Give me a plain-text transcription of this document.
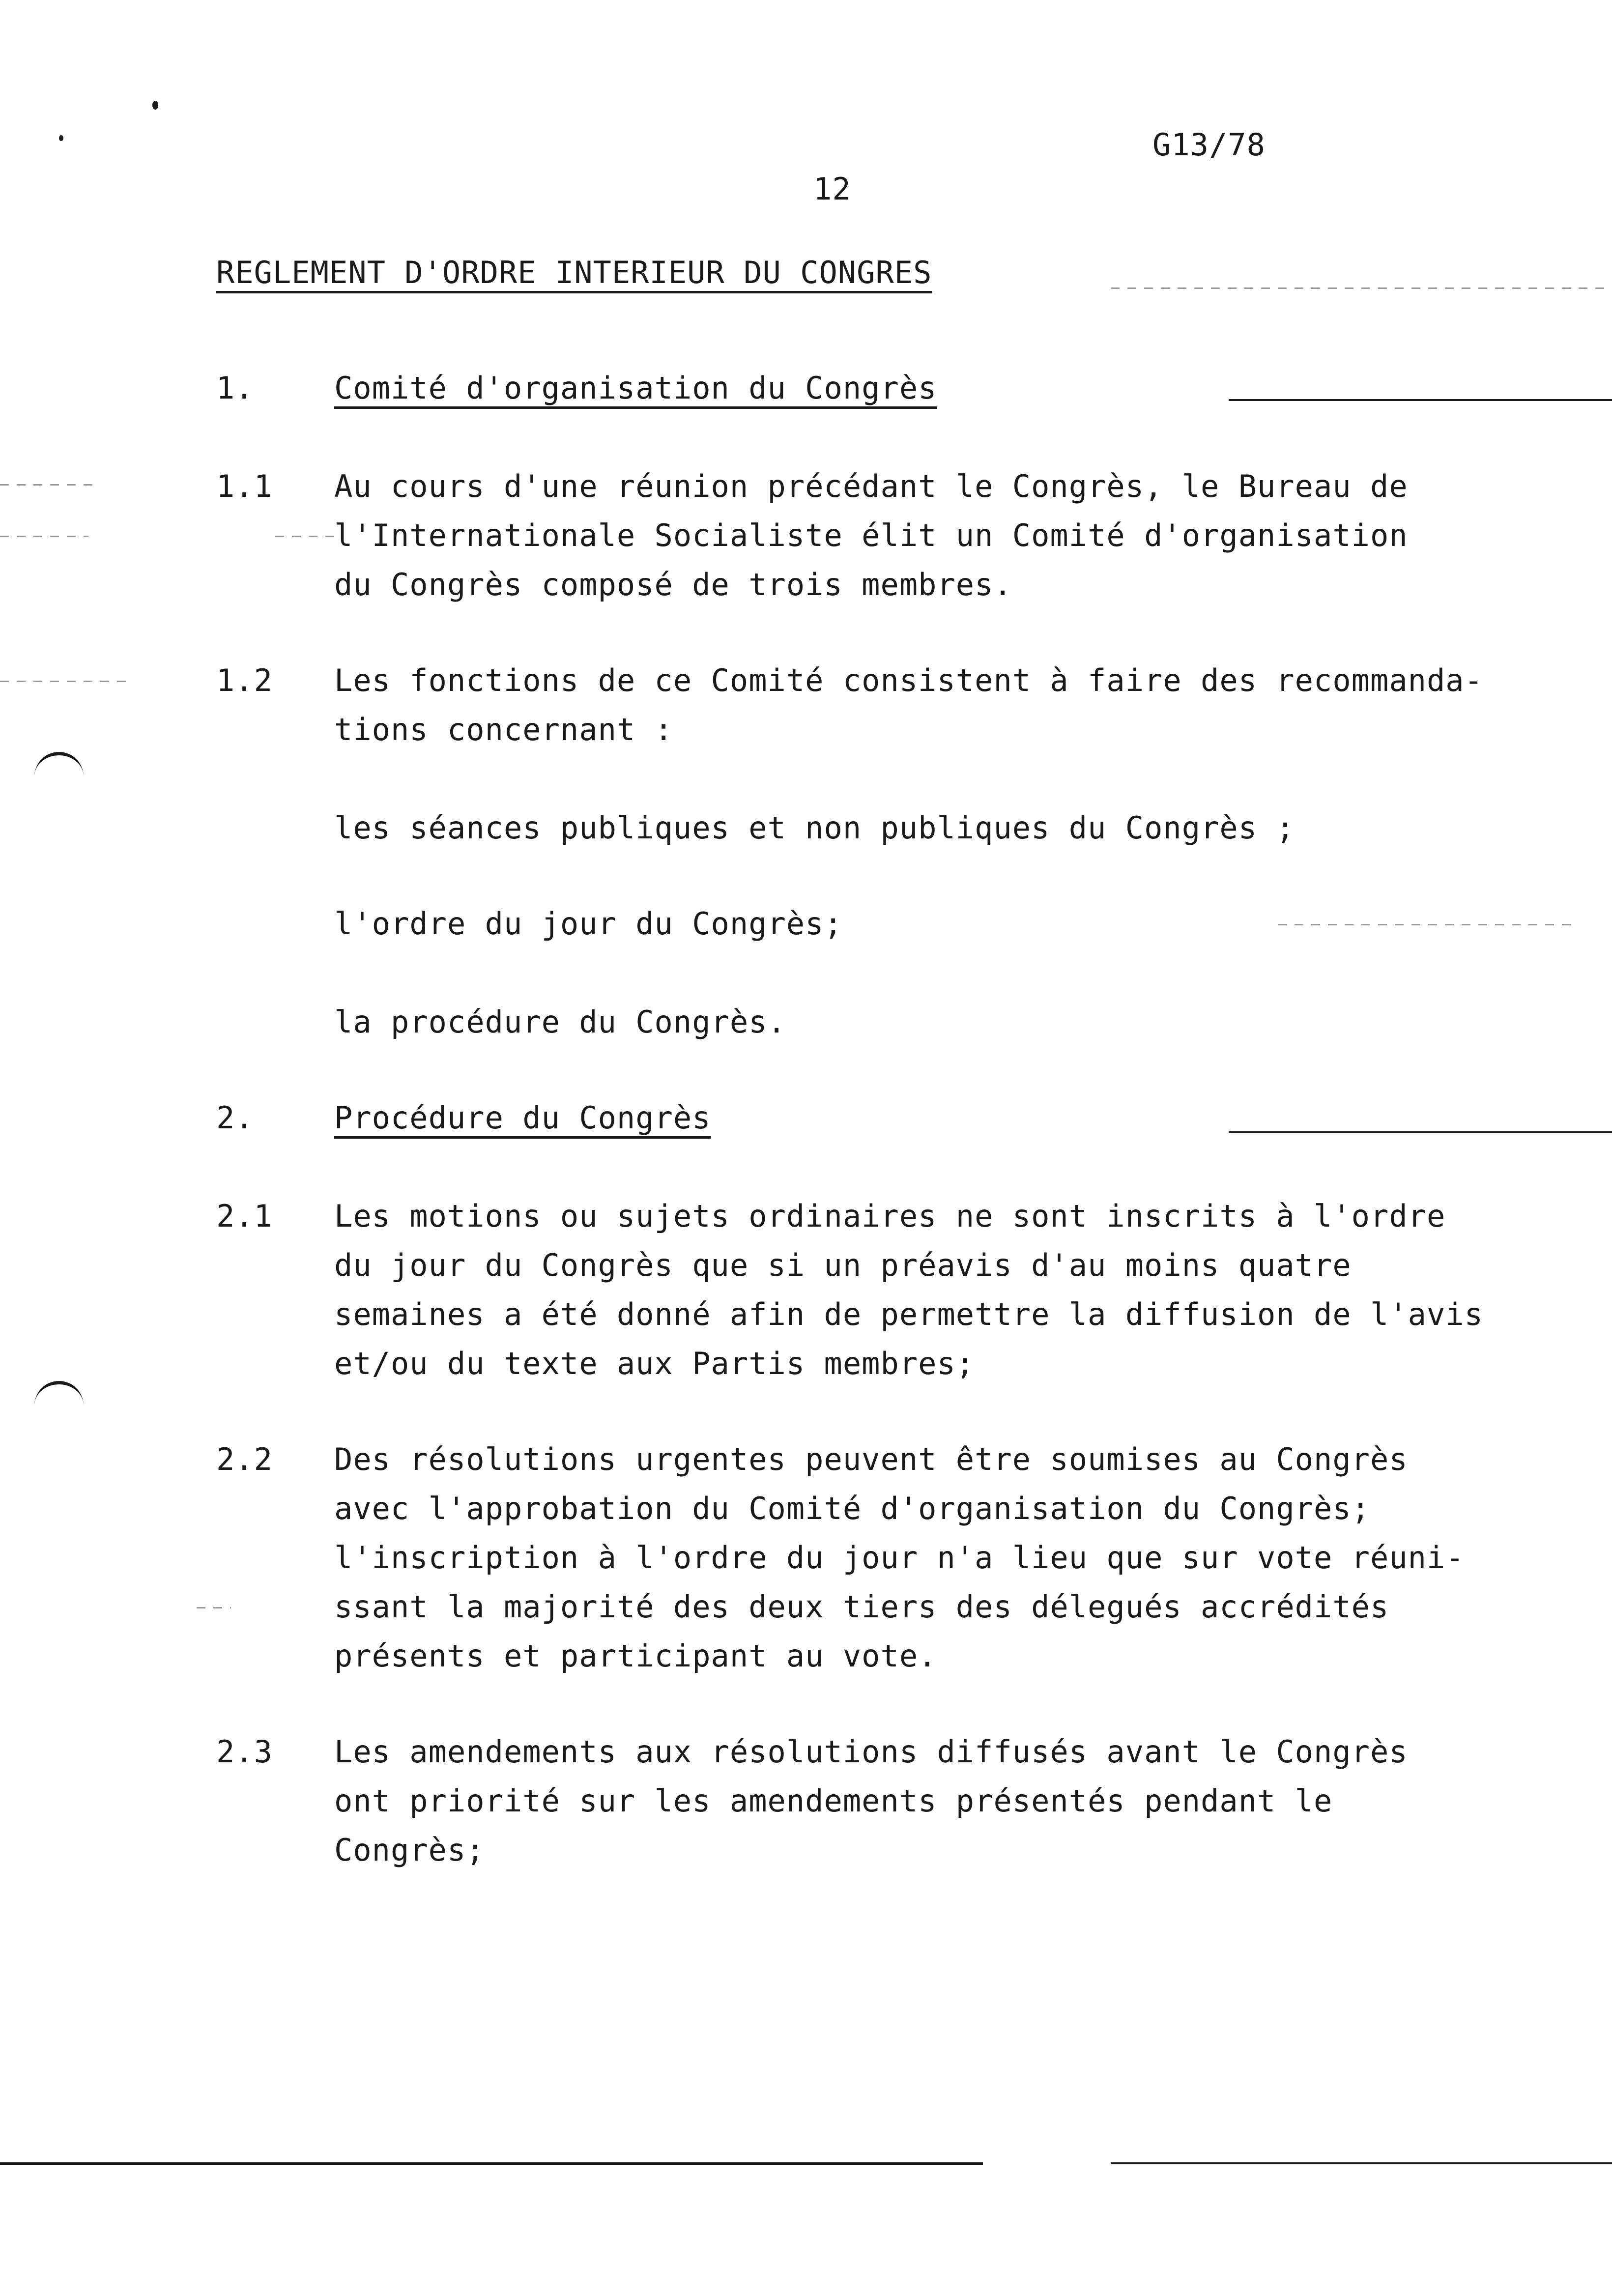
G13/78
12
REGLEMENT D'ORDRE INTERIEUR DU CONGRES
1.	Comité d'organisation du Congrès
1.1 Au cours d'une réunion précédant le Congrès, le Bureau de
l'Internationale Socialiste élit un Comité d'organisation
du Congrès composé de trois membres.
1.2 Les fonctions de ce Comité consistent à faire des recommanda-
tions concernant :
les séances publiques et non publiques du Congrès ;
l'ordre du jour du Congrès;
la procédure du Congrès.
2.	Procédure du Congrès
2.1 Les motions ou sujets ordinaires ne sont inscrits à l'ordre
du jour du Congrès que si un préavis d'au moins quatre
semaines a été donné afin de permettre la diffusion de l'avis
et/ou du texte aux Partis membres;
2.2 Des résolutions urgentes peuvent être soumises au Congrès
avec l'approbation du Comité d'organisation du Congrès;
l'inscription à l'ordre du jour n'a lieu que sur vote réuni-
ssant la majorité des deux tiers des délegués accrédités
présents et participant au vote.
2.3 Les amendements aux résolutions diffusés avant le Congrès
ont priorité sur les amendements présentés pendant le
Congrès;
